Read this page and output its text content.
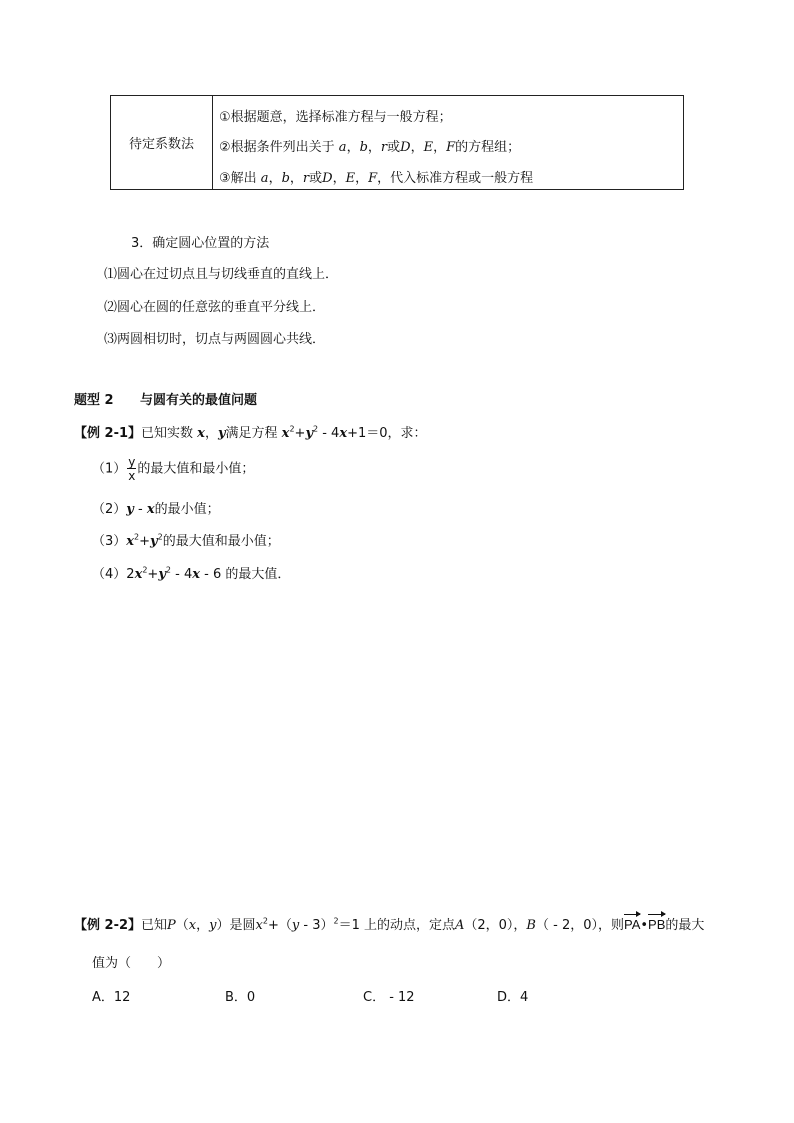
待定系数法
①根据题意，选择标准方程与一般方程；
②根据条件列出关于 a，b，r或D，E，F的方程组；
③解出 a，b，r或D，E，F，代入标准方程或一般方程
3．确定圆心位置的方法
⑴圆心在过切点且与切线垂直的直线上．
⑵圆心在圆的任意弦的垂直平分线上．
⑶两圆相切时，切点与两圆圆心共线．
题型 2 与圆有关的最值问题
【例 2-1】已知实数 x，y满足方程 $x^2+y^2 - 4x+1=0$，求：
$(1) \frac{y}{x}$ 的最大值和最小值；
（2）y - x的最小值；
$(3)x^2+y^2$的最大值和最小值；
$(4)2x^2+y^2 - 4x - 6$ 的最大值．
【例 2-2】已知P（x，y）是圆$x^2+(y - 3)^2=1$ 上的动点，定点A（2，0），B（ - 2，0），则
PA•
PB的最大
值为（　　）
A．12	B．0	C． - 12	D．4
